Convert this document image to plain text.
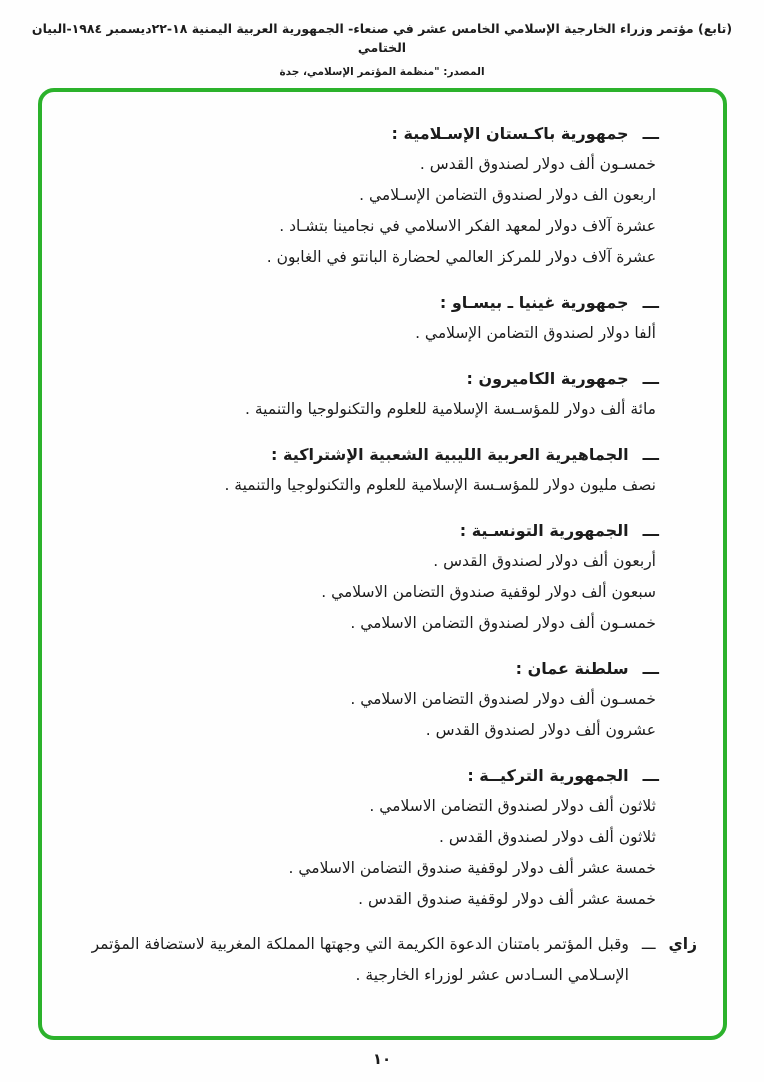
(تابع) مؤتمر وزراء الخارجية الإسلامي الخامس عشر في صنعاء- الجمهورية العربية اليمنية ١٨-٢٢ديسمبر ١٩٨٤-البيان الختامي
المصدر: "منظمة المؤتمر الإسلامي، جدة
ـــ
جمهورية باكـستان الإسـلامية :
خمسـون ألف دولار لصندوق القدس .
اربعون الف دولار لصندوق التضامن الإسـلامي .
عشرة آلاف دولار لمعهد الفكر الاسلامي في نجامينا بتشـاد .
عشرة آلاف دولار للمركز العالمي لحضارة البانتو في الغابون .
ـــ
جمهورية غينيا ـ بيسـاو :
ألفا دولار لصندوق التضامن الإسلامي .
ـــ
جمهورية الكاميرون :
مائة ألف دولار للمؤسـسة الإسلامية للعلوم والتكنولوجيا والتنمية .
ـــ
الجماهيرية العربية الليبية الشعبية الإشتراكية :
نصف مليون دولار للمؤسـسة الإسلامية للعلوم والتكنولوجيا والتنمية .
ـــ
الجمهورية التونسـية :
أربعون ألف دولار لصندوق القدس .
سبعون ألف دولار لوقفية صندوق التضامن الاسلامي .
خمسـون ألف دولار لصندوق التضامن الاسلامي .
ـــ
سلطنة عمان :
خمسـون ألف دولار لصندوق التضامن الاسلامي .
عشرون ألف دولار لصندوق القدس .
ـــ
الجمهورية التركيــة :
ثلاثون ألف دولار لصندوق التضامن الاسلامي .
ثلاثون ألف دولار لصندوق القدس .
خمسة عشر ألف دولار لوقفية صندوق التضامن الاسلامي .
خمسة عشر ألف دولار لوقفية صندوق القدس .
زاي
ـــ
وقبل المؤتمر بامتنان الدعوة الكريمة التي وجهتها المملكة المغربية لاستضافة المؤتمر الإسـلامي السـادس عشر لوزراء الخارجية .
١٠
